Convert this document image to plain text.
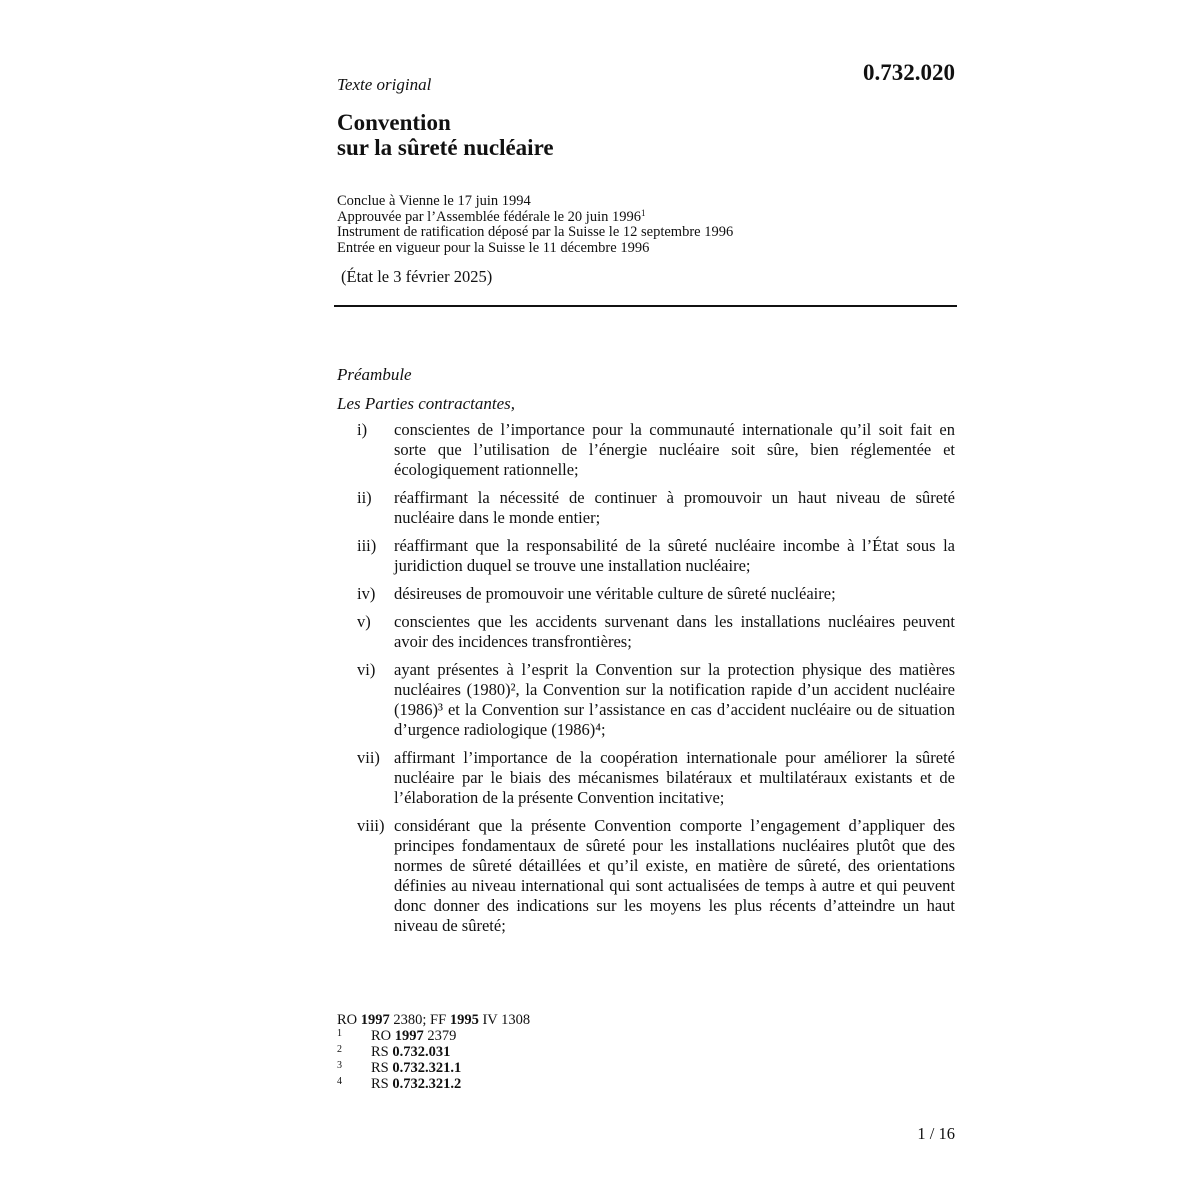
0.732.020
Texte original
Convention
sur la sûreté nucléaire
Conclue à Vienne le 17 juin 1994
Approuvée par l’Assemblée fédérale le 20 juin 1996$^1$
Instrument de ratification déposé par la Suisse le 12 septembre 1996
Entrée en vigueur pour la Suisse le 11 décembre 1996
(État le 3 février 2025)
Préambule
Les Parties contractantes,
i)	conscientes de l’importance pour la communauté internationale qu’il soit fait en sorte que l’utilisation de l’énergie nucléaire soit sûre, bien réglementée et écologiquement rationnelle;
ii)	réaffirmant la nécessité de continuer à promouvoir un haut niveau de sûreté nucléaire dans le monde entier;
iii)	réaffirmant que la responsabilité de la sûreté nucléaire incombe à l’État sous la juridiction duquel se trouve une installation nucléaire;
iv)	désireuses de promouvoir une véritable culture de sûreté nucléaire;
v)	conscientes que les accidents survenant dans les installations nucléaires peuvent avoir des incidences transfrontières;
vi)	ayant présentes à l’esprit la Convention sur la protection physique des matières nucléaires (1980)², la Convention sur la notification rapide d’un accident nucléaire (1986)³ et la Convention sur l’assistance en cas d’accident nucléaire ou de situation d’urgence radiologique (1986)⁴;
vii) affirmant l’importance de la coopération internationale pour améliorer la sûreté nucléaire par le biais des mécanismes bilatéraux et multilatéraux existants et de l’élaboration de la présente Convention incitative;
viii) considérant que la présente Convention comporte l’engagement d’appliquer des principes fondamentaux de sûreté pour les installations nucléaires plutôt que des normes de sûreté détaillées et qu’il existe, en matière de sûreté, des orientations définies au niveau international qui sont actualisées de temps à autre et qui peuvent donc donner des indications sur les moyens les plus récents d’atteindre un haut niveau de sûreté;
RO 1997 2380; FF 1995 IV 1308
1	RO 1997 2379
2	RS 0.732.031
3	RS 0.732.321.1
4	RS 0.732.321.2
1 / 16
